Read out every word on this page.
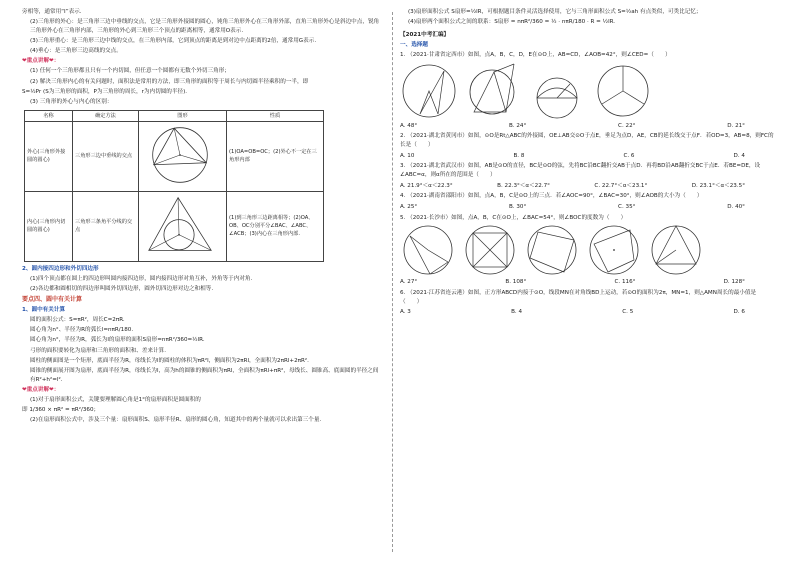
旁相等，通常用“I”表示.
(2)三角形的外心：是三角形三边中垂线的交点，它是三角形外接圆的圆心，钝角三角形外心在三角形外部，直角三角形外心是斜边中点，锐角三角形外心在三角形内部，三角形的外心到三角形三个顶点的距离相等，通常用O表示.
(3)三角形重心：是三角形三边中线的交点，在三角形内部，它到顶点的距离是到对边中点距离的2倍，通常用G表示.
(4)垂心：是三角形三边高线的交点。
❤重点讲解❤：
(1) 任何一个三角形都且只有一个内切圆，但任意一个圆都有无数个外切三角形；
(2) 解决三角形内心的有关问题时，面积法是常用的方法，即三角形的面积等于周长与内切圆半径乘积的一半，即
S=½Pr (S为三角形的面积，P为三角形的周长，r为内切圆的半径).
(3) 三角形的外心与内心的区别：
名称	确定方法	图形	性质
外心(三角形外接圆的圆心)	三角形三边中垂线的交点		(1)OA=OB=OC；(2)外心不一定在三角形内部
内心(三角形内切圆的圆心)	三角形三条角平分线的交点		(1)到三角形三边距离相等；(2)OA、OB、OC分别平分∠BAC、∠ABC、∠ACB；(3)内心在三角形内部.
2、圆内接四边形和外切四边形
(1)四个顶点都在圆上的四边形叫圆内接四边形，圆内接四边形对角互补，外角等于内对角.
(2)各边都和圆相切的四边形叫圆外切四边形，圆外切四边形对边之和相等.
要点四、圆中有关计算
1、圆中有关计算
圆的面积公式：S=πR²，周长C=2πR.
圆心角为n°、半径为R的弧长l=nπR/180.
圆心角为n°，半径为R，弧长为l的扇形的面积S扇形=nπR²/360=½lR.
弓形的面积要转化为扇形和三角形的面积和、差来计算.
圆柱的侧面图是一个矩形，底面半径为R，母线长为l的圆柱的体积为πR²l，侧面积为2πRl，全面积为2πRl+2πR².
圆锥的侧面展开图为扇形，底面半径为R，母线长为l，高为h的圆锥的侧面积为πRl，全面积为πRl+πR²，母线长、圆锥高、底面圆的半径之间有R²+h²=l².
❤重点讲解❤：
(1)对于扇形面积公式，关键要理解圆心角是1°的扇形面积是圆面积的
即 1/360 × πR² = πR²/360；
(2)在扇形面积公式中，涉及三个量：扇形面积S、扇形半径R、扇形的圆心角，知道其中的两个量就可以求出第三个量.
(3)扇形面积公式 S扇形=½lR，可根据题目条件灵活选择使用，它与三角形面积公式 S=½ah 有点类似，可类比记忆；
(4)扇形两个面积公式之间的联系：S扇形 = nπR²/360 = ½ · nπR/180 · R = ½lR.
【2021中考汇编】
一、选择题
1. （2021·甘肃省定西市）如图，点A，B，C，D，E在⊙O上，AB=CD，∠AOB=42°，则∠CED=（　　）
A. 48°	B. 24°	C. 22°	D. 21°
2. （2021·湖北省黄冈市）如图，⊙O是Rt△ABC的外接圆，OE⊥AB交⊙O于点E，垂足为点D，AE，CB的延长线交于点F．若OD=3，AB=8，则FC的长是（　　）
A. 10	B. 8	C. 6	D. 4
3. （2021·湖北省武汉市）如图，AB是⊙O的直径，BC是⊙O的弦，先将BC沿BC翻折交AB于点D．再将BD沿AB翻折交BC于点E．若BE=DE，设∠ABC=α，则α所在的范围是（　　）
A. 21.9°＜α＜22.3°	B. 22.3°＜α＜22.7°	C. 22.7°＜α＜23.1°	D. 23.1°＜α＜23.5°
4. （2021·湖南省邵阳市）如图，点A，B，C是⊙O上的三点．若∠AOC=90°，∠BAC=30°，则∠AOB的大小为（　　）
A. 25°	B. 30°	C. 35°	D. 40°
5. （2021·长沙市）如图，点A，B，C在⊙O上，∠BAC=54°，则∠BOC的度数为（　　）
A. 27°	B. 108°	C. 116°	D. 128°
6. （2021·江苏省连云港）如图，正方形ABCD内接于⊙O，线段MN在对角线BD上运动，若⊙O的面积为2π，MN=1，则△AMN周长的最小值是（　　）
A. 3	B. 4	C. 5	D. 6
